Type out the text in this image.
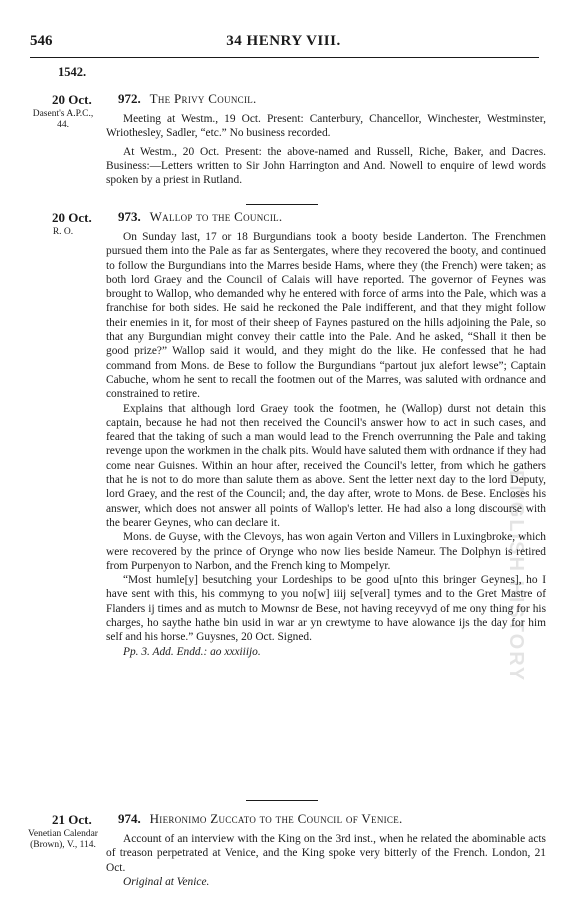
546	34 HENRY VIII.
1542.
20 Oct.
Dasent's A.P.C., 44.

972. The Privy Council.

Meeting at Westm., 19 Oct. Present: Canterbury, Chancellor, Winchester, Westminster, Wriothesley, Sadler, “etc.” No business recorded.

At Westm., 20 Oct. Present: the above-named and Russell, Riche, Baker, and Dacres. Business:—Letters written to Sir John Harrington and And. Nowell to enquire of lewd words spoken by a priest in Rutland.

20 Oct.
R. O.

973. Wallop to the Council.

On Sunday last, 17 or 18 Burgundians took a booty beside Landerton. The Frenchmen pursued them into the Pale as far as Sentergates, where they recovered the booty, and continued to follow the Burgundians into the Marres beside Hams, where they (the French) were taken; as both lord Graey and the Council of Calais will have reported. The governor of Feynes was brought to Wallop, who demanded why he entered with force of arms into the Pale, which was a franchise for both sides. He said he reckoned the Pale indifferent, and that they might follow their enemies in it, for most of their sheep of Faynes pastured on the hills adjoining the Pale, so that any Burgundian might convey their cattle into the Pale. And he asked, “Shall it then be good prize?” Wallop said it would, and they might do the like. He confessed that he had command from Mons. de Bese to follow the Burgundians “partout jux alefort lewse”; Captain Cabuche, whom he sent to recall the footmen out of the Marres, was saluted with ordnance and constrained to retire.

Explains that although lord Graey took the footmen, he (Wallop) durst not detain this captain, because he had not then received the Council's answer how to act in such cases, and feared that the taking of such a man would lead to the French overrunning the Pale and taking revenge upon the workmen in the chalk pits. Would have saluted them with ordnance if they had come near Guisnes. Within an hour after, received the Council's letter, from which he gathers that he is not to do more than salute them as above. Sent the letter next day to the lord Deputy, lord Graey, and the rest of the Council; and, the day after, wrote to Mons. de Bese. Encloses his answer, which does not answer all points of Wallop's letter. He had also a long discourse with the bearer Geynes, who can declare it.

Mons. de Guyse, with the Clevoys, has won again Verton and Villers in Luxingbroke, which were recovered by the prince of Orynge who now lies beside Nameur. The Dolphyn is retired from Purpenyon to Narbon, and the French king to Mompelyr.

“Most humle[y] besutching your Lordeships to be good u[nto this bringer Geynes], ho I have sent with this, his commyng to you no[w] iiij se[veral] tymes and to the Gret Mastre of Flanders ij times and as mutch to Mownsr de Bese, not having receyvyd of me ony thing for his charges, ho saythe hathe bin usid in war ar yn crewtyme to have alowance ijs the day for him self and his horse.” Guysnes, 20 Oct. Signed.

Pp. 3. Add. Endd.: ao xxxiiijo.

21 Oct.
Venetian Calendar (Brown), V., 114.

974. Hieronimo Zuccato to the Council of Venice.

Account of an interview with the King on the 3rd inst., when he related the abominable acts of treason perpetrated at Venice, and the King spoke very bitterly of the French. London, 21 Oct.

Original at Venice.

ENGLISH HISTORY
